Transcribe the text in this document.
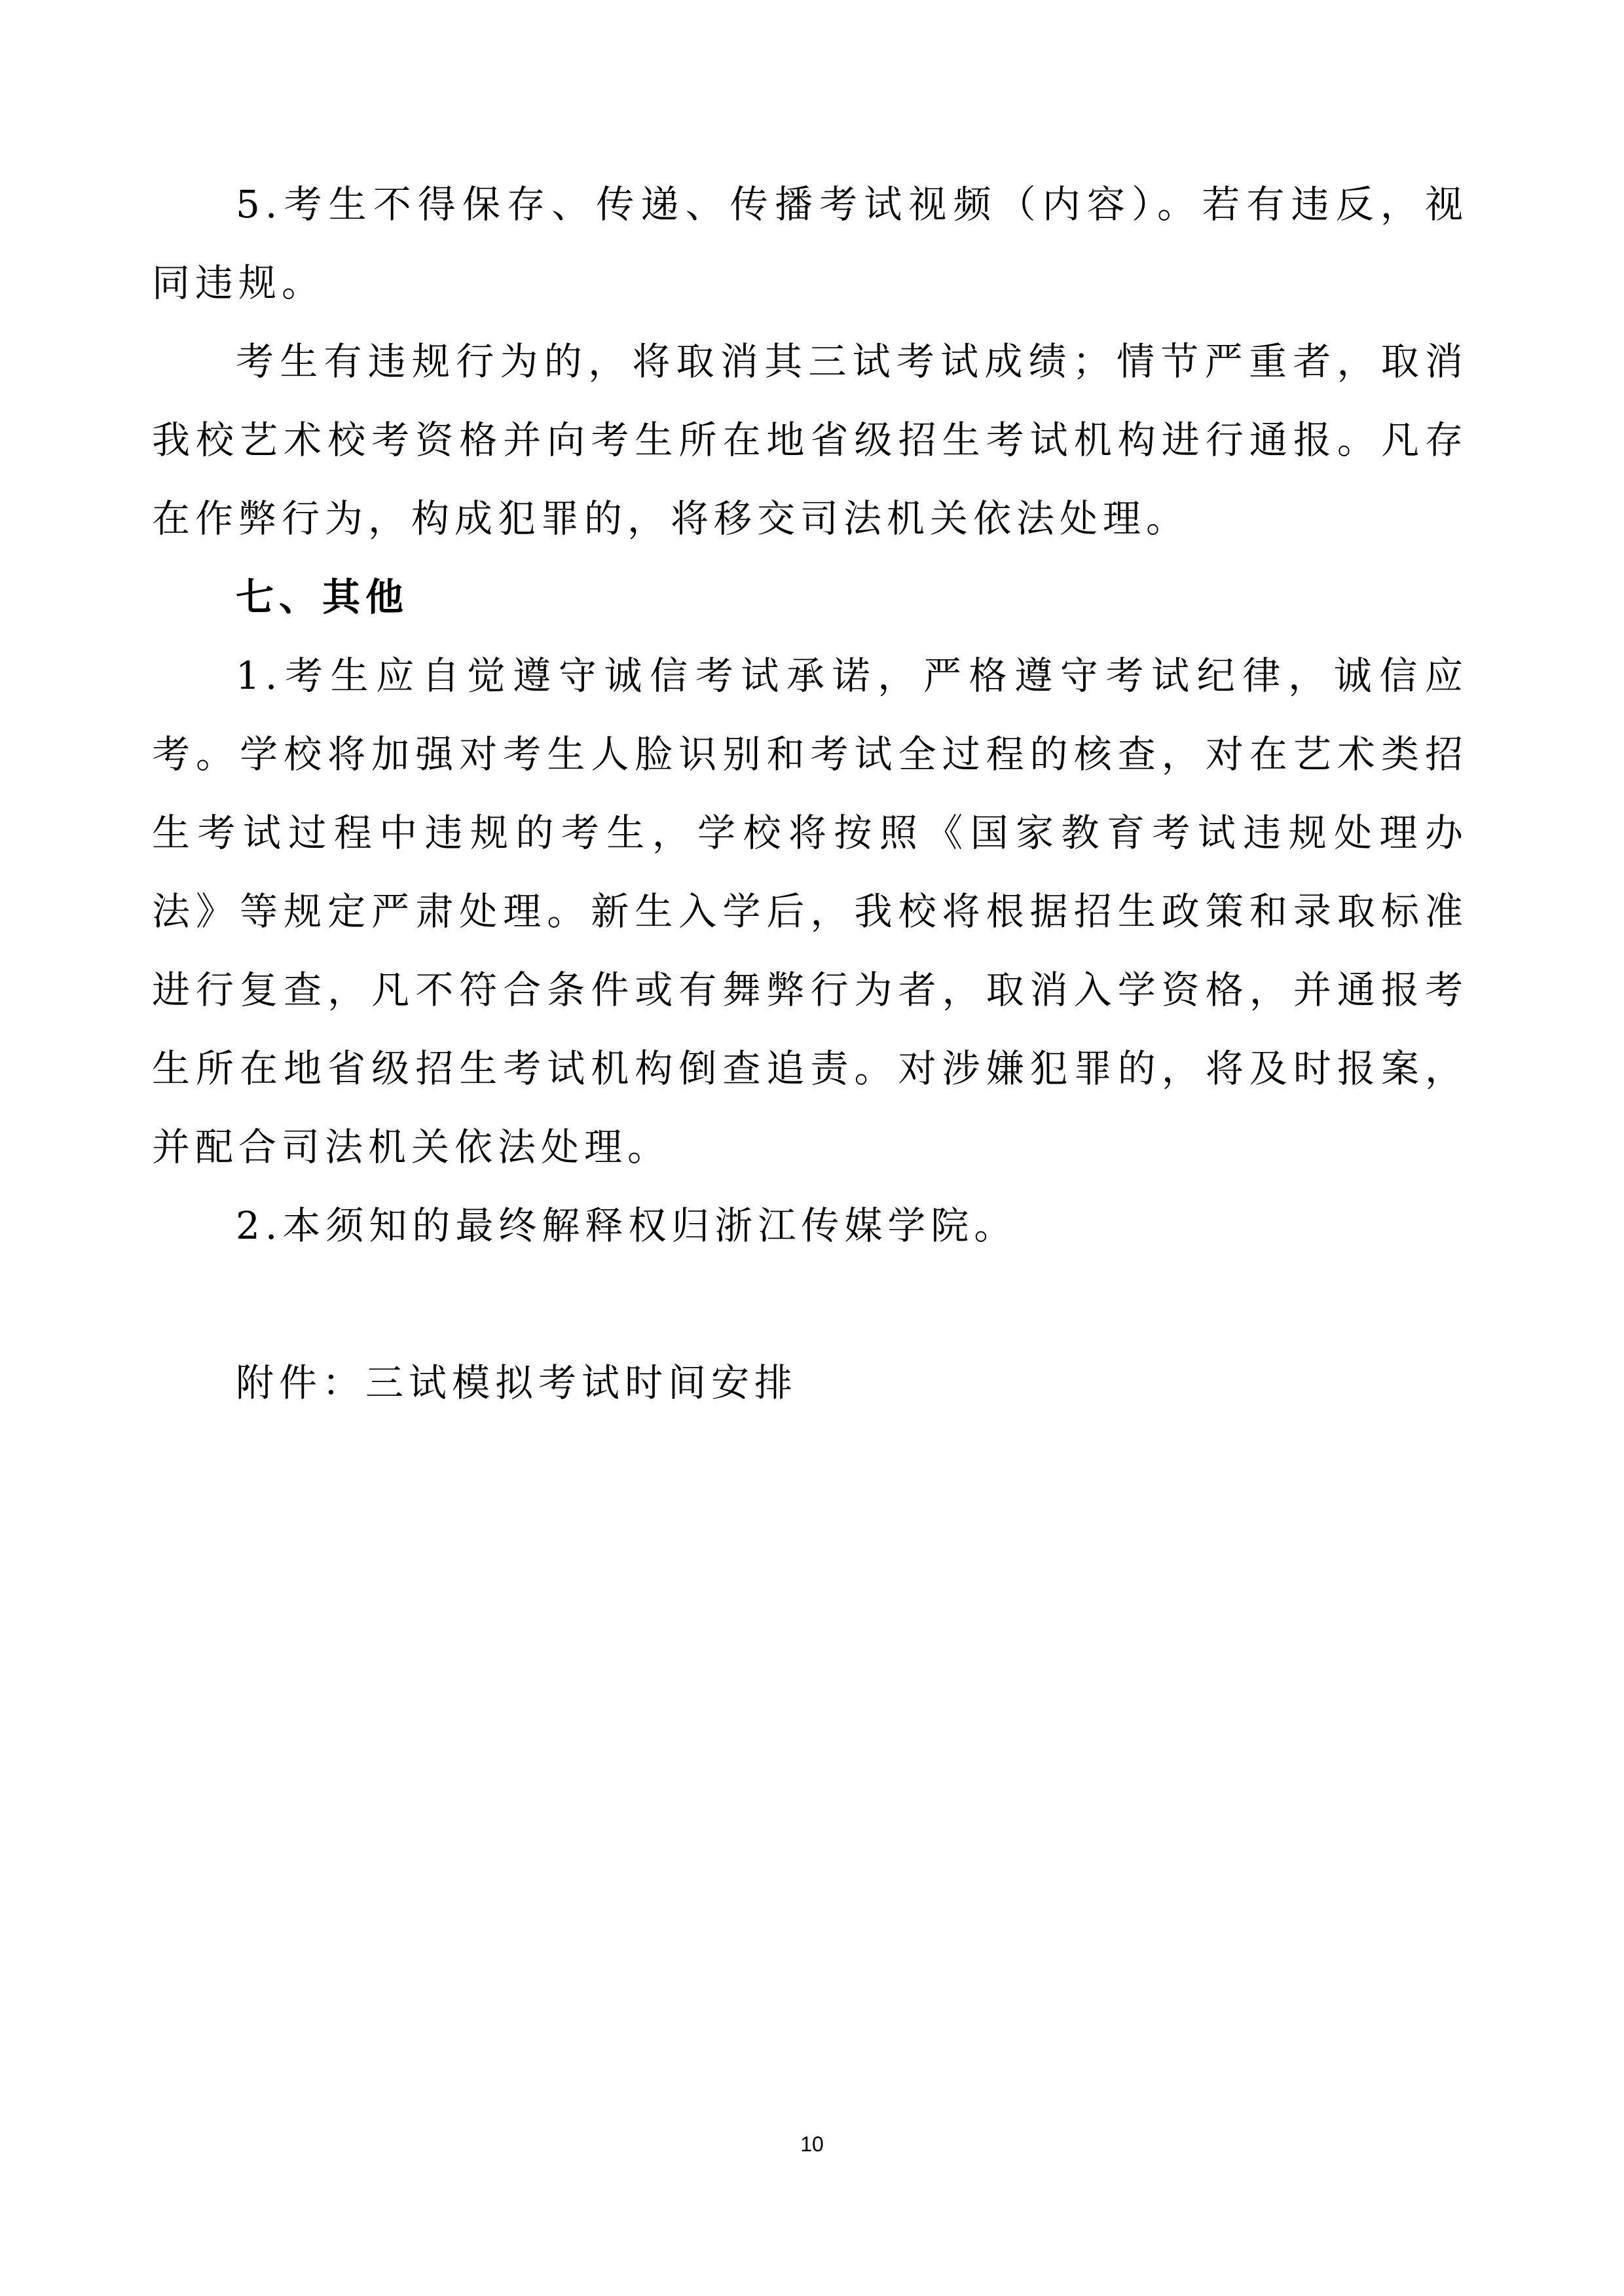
5.考生不得保存、传递、传播考试视频（内容）。若有违反，视同违规。

考生有违规行为的，将取消其三试考试成绩；情节严重者，取消我校艺术校考资格并向考生所在地省级招生考试机构进行通报。凡存在作弊行为，构成犯罪的，将移交司法机关依法处理。

七、其他

1.考生应自觉遵守诚信考试承诺，严格遵守考试纪律，诚信应考。学校将加强对考生人脸识别和考试全过程的核查，对在艺术类招生考试过程中违规的考生，学校将按照《国家教育考试违规处理办法》等规定严肃处理。新生入学后，我校将根据招生政策和录取标准进行复查，凡不符合条件或有舞弊行为者，取消入学资格，并通报考生所在地省级招生考试机构倒查追责。对涉嫌犯罪的，将及时报案，并配合司法机关依法处理。

2.本须知的最终解释权归浙江传媒学院。

附件：三试模拟考试时间安排

10
